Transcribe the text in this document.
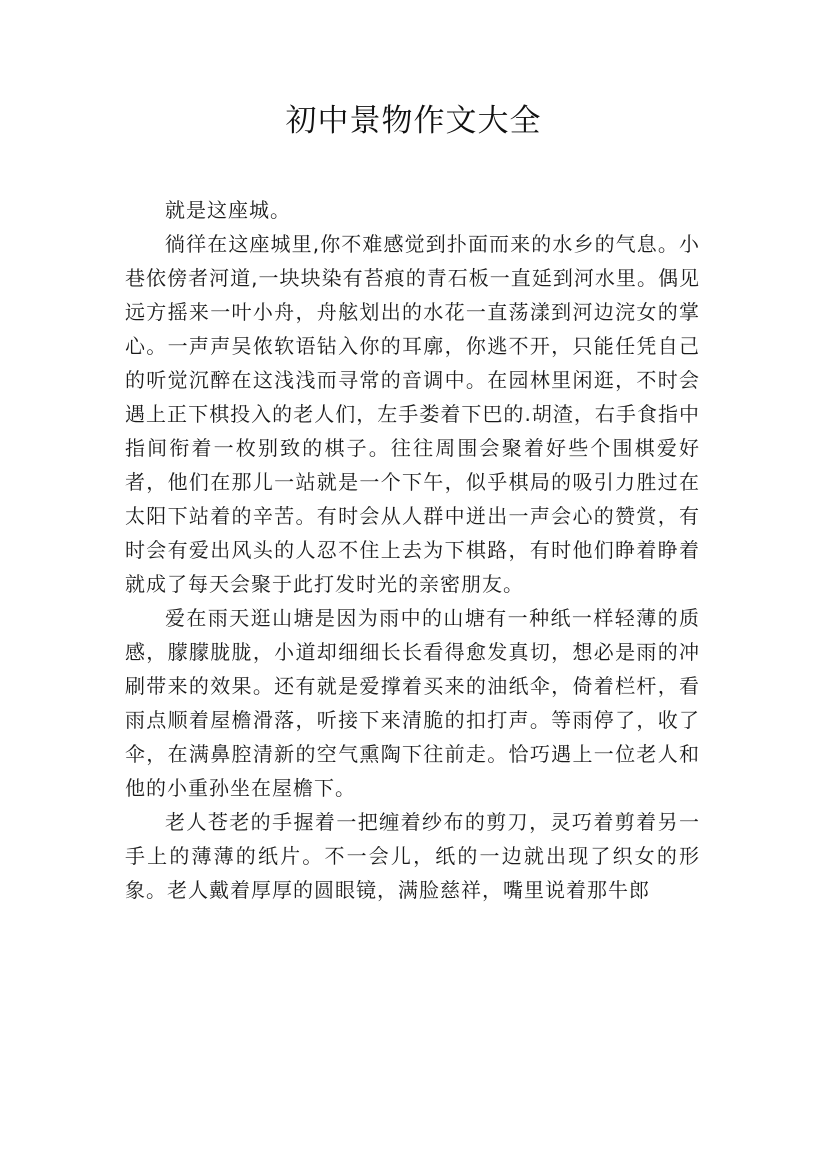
初中景物作文大全

就是这座城。

徜徉在这座城里,你不难感觉到扑面而来的水乡的气息。小巷依傍者河道,一块块染有苔痕的青石板一直延到河水里。偶见远方摇来一叶小舟，舟舷划出的水花一直荡漾到河边浣女的掌心。一声声吴侬软语钻入你的耳廓，你逃不开，只能任凭自己的听觉沉醉在这浅浅而寻常的音调中。在园林里闲逛，不时会遇上正下棋投入的老人们，左手娄着下巴的.胡渣，右手食指中指间衔着一枚别致的棋子。往往周围会聚着好些个围棋爱好者，他们在那儿一站就是一个下午，似乎棋局的吸引力胜过在太阳下站着的辛苦。有时会从人群中迸出一声会心的赞赏，有时会有爱出风头的人忍不住上去为下棋路，有时他们睁着睁着就成了每天会聚于此打发时光的亲密朋友。

爱在雨天逛山塘是因为雨中的山塘有一种纸一样轻薄的质感，朦朦胧胧，小道却细细长长看得愈发真切，想必是雨的冲刷带来的效果。还有就是爱撑着买来的油纸伞，倚着栏杆，看雨点顺着屋檐滑落，听接下来清脆的扣打声。等雨停了，收了伞，在满鼻腔清新的空气熏陶下往前走。恰巧遇上一位老人和他的小重孙坐在屋檐下。

老人苍老的手握着一把缠着纱布的剪刀，灵巧着剪着另一手上的薄薄的纸片。不一会儿，纸的一边就出现了织女的形象。老人戴着厚厚的圆眼镜，满脸慈祥，嘴里说着那牛郎
